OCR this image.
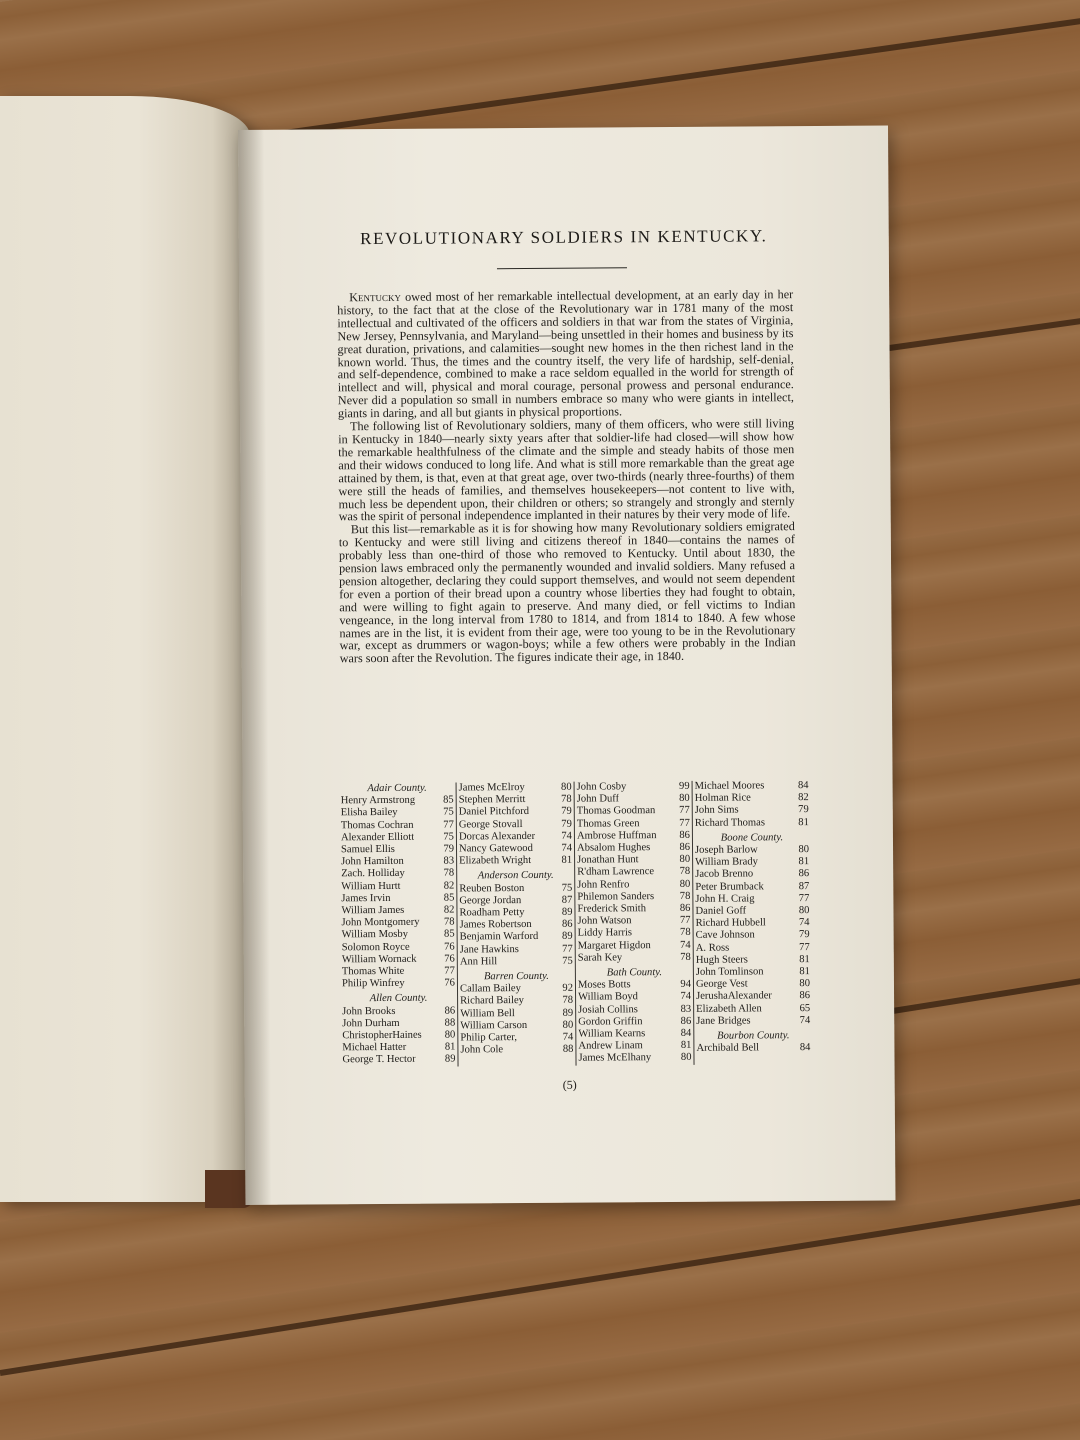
REVOLUTIONARY SOLDIERS IN KENTUCKY.

Kentucky owed most of her remarkable intellectual development, at an early day in her history, to the fact that at the close of the Revolutionary war in 1781 many of the most intellectual and cultivated of the officers and soldiers in that war from the states of Virginia, New Jersey, Pennsylvania, and Maryland—being unsettled in their homes and business by its great duration, privations, and calamities—sought new homes in the then richest land in the known world. Thus, the times and the country itself, the very life of hardship, self-denial, and self-dependence, combined to make a race seldom equalled in the world for strength of intellect and will, physical and moral courage, personal prowess and personal endurance. Never did a population so small in numbers embrace so many who were giants in intellect, giants in daring, and all but giants in physical proportions.

The following list of Revolutionary soldiers, many of them officers, who were still living in Kentucky in 1840—nearly sixty years after that soldier-life had closed—will show how the remarkable healthfulness of the climate and the simple and steady habits of those men and their widows conduced to long life. And what is still more remarkable than the great age attained by them, is that, even at that great age, over two-thirds (nearly three-fourths) of them were still the heads of families, and themselves housekeepers—not content to live with, much less be dependent upon, their children or others; so strangely and strongly and sternly was the spirit of personal independence implanted in their natures by their very mode of life.

But this list—remarkable as it is for showing how many Revolutionary soldiers emigrated to Kentucky and were still living and citizens thereof in 1840—contains the names of probably less than one-third of those who removed to Kentucky. Until about 1830, the pension laws embraced only the permanently wounded and invalid soldiers. Many refused a pension altogether, declaring they could support themselves, and would not seem dependent for even a portion of their bread upon a country whose liberties they had fought to obtain, and were willing to fight again to preserve. And many died, or fell victims to Indian vengeance, in the long interval from 1780 to 1814, and from 1814 to 1840. A few whose names are in the list, it is evident from their age, were too young to be in the Revolutionary war, except as drummers or wagon-boys; while a few others were probably in the Indian wars soon after the Revolution. The figures indicate their age, in 1840.

Adair County.
Henry Armstrong	85
Elisha Bailey	75
Thomas Cochran	77
Alexander Elliott	75
Samuel Ellis	79
John Hamilton	83
Zach. Holliday	78
William Hurtt	82
James Irvin	85
William James	82
John Montgomery 78
William Mosby	85
Solomon Royce	76
William Wornack	76
Thomas White	77
Philip Winfrey	76
Allen County.
John Brooks	86
John Durham	88
ChristopherHaines 80
Michael Hatter	81
George T. Hector	89
James McElroy	80
Stephen Merritt	78
Daniel Pitchford	79
George Stovall	79
Dorcas Alexander 74
Nancy Gatewood	74
Elizabeth Wright	81
Anderson County.
Reuben Boston	75
George Jordan	87
Roadham Petty	89
James Robertson	86
Benjamin Warford 89
Jane Hawkins	77
Ann Hill	75
Barren County.
Callam Bailey	92
Richard Bailey	78
William Bell	89
William Carson	80
Philip Carter,	74
John Cole	88
John Cosby	99
John Duff	80
Thomas Goodman 77
Thomas Green	77
Ambrose Huffman 86
Absalom Hughes	86
Jonathan Hunt	80
R'dham Lawrence 78
John Renfro	80
Philemon Sanders 78
Frederick Smith	86
John Watson	77
Liddy Harris	78
Margaret Higdon	74
Sarah Key	78
Bath County.
Moses Botts	94
William Boyd	74
Josiah Collins	83
Gordon Griffin	86
William Kearns	84
Andrew Linam	81
James McElhany	80
Michael Moores	84
Holman Rice	82
John Sims	79
Richard Thomas	81
Boone County.
Joseph Barlow	80
William Brady	81
Jacob Brenno	86
Peter Brumback	87
John H. Craig	77
Daniel Goff	80
Richard Hubbell	74
Cave Johnson	79
A. Ross	77
Hugh Steers	81
John Tomlinson	81
George Vest	80
JerushaAlexander	86
Elizabeth Allen	65
Jane Bridges	74
Bourbon County.
Archibald Bell	84
(5)
